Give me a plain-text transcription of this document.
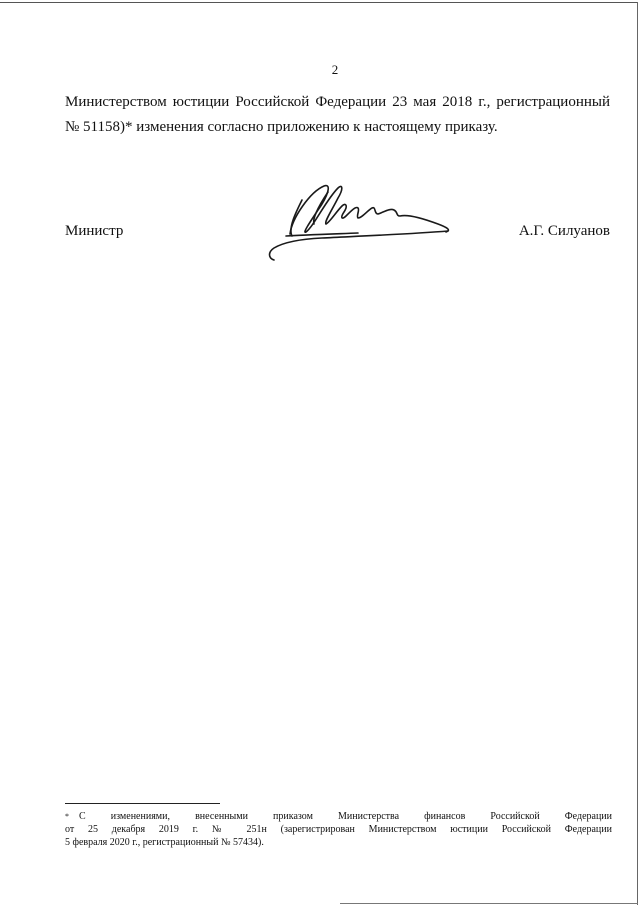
2
Министерством юстиции Российской Федерации 23 мая 2018 г., регистрационный
№ 51158)* изменения согласно приложению к настоящему приказу.
Министр	А.Г. Силуанов
* С изменениями, внесенными приказом Министерства финансов Российской Федерации
от 25 декабря 2019 г. № 251н (зарегистрирован Министерством юстиции Российской Федерации
5 февраля 2020 г., регистрационный № 57434).
